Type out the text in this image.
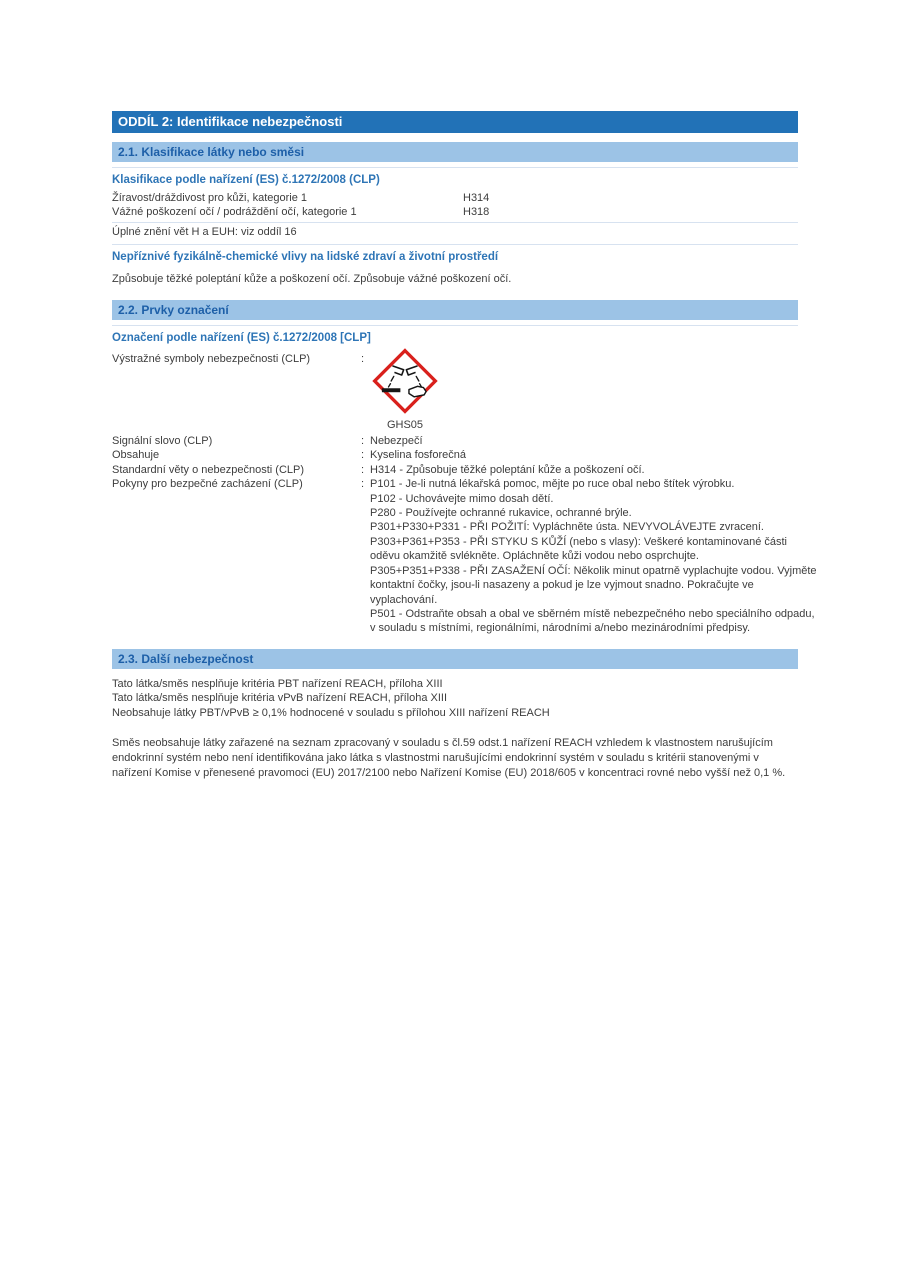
ODDÍL 2: Identifikace nebezpečnosti
2.1. Klasifikace látky nebo směsi
Klasifikace podle nařízení (ES) č.1272/2008 (CLP)
Žíravost/dráždivost pro kůži, kategorie 1	H314
Vážné poškození očí / podráždění očí, kategorie 1	H318
Úplné znění vět H a EUH: viz oddíl 16
Nepříznivé fyzikálně-chemické vlivy na lidské zdraví a životní prostředí
Způsobuje těžké poleptání kůže a poškození očí. Způsobuje vážné poškození očí.
2.2. Prvky označení
Označení podle nařízení (ES) č.1272/2008 [CLP]
Výstražné symboly nebezpečnosti (CLP)	:
GHS05
Signální slovo (CLP)	: Nebezpečí
Obsahuje	: Kyselina fosforečná
Standardní věty o nebezpečnosti (CLP)	: H314 - Způsobuje těžké poleptání kůže a poškození očí.
Pokyny pro bezpečné zacházení (CLP)	: P101 - Je-li nutná lékařská pomoc, mějte po ruce obal nebo štítek výrobku.
P102 - Uchovávejte mimo dosah dětí.
P280 - Používejte ochranné rukavice, ochranné brýle.
P301+P330+P331 - PŘI POŽITÍ: Vypláchněte ústa. NEVYVOLÁVEJTE zvracení.
P303+P361+P353 - PŘI STYKU S KŮŽÍ (nebo s vlasy): Veškeré kontaminované části
oděvu okamžitě svlékněte. Opláchněte kůži vodou nebo osprchujte.
P305+P351+P338 - PŘI ZASAŽENÍ OČÍ: Několik minut opatrně vyplachujte vodou. Vyjměte
kontaktní čočky, jsou-li nasazeny a pokud je lze vyjmout snadno. Pokračujte ve
vyplachování.
P501 - Odstraňte obsah a obal ve sběrném místě nebezpečného nebo speciálního odpadu,
v souladu s místními, regionálními, národními a/nebo mezinárodními předpisy.
2.3. Další nebezpečnost
Tato látka/směs nesplňuje kritéria PBT nařízení REACH, příloha XIII
Tato látka/směs nesplňuje kritéria vPvB nařízení REACH, příloha XIII
Neobsahuje látky PBT/vPvB ≥ 0,1% hodnocené v souladu s přílohou XIII nařízení REACH
Směs neobsahuje látky zařazené na seznam zpracovaný v souladu s čl.59 odst.1 nařízení REACH vzhledem k vlastnostem narušujícím endokrinní systém nebo není identifikována jako látka s vlastnostmi narušujícími endokrinní systém v souladu s kritérii stanovenými v nařízení Komise v přenesené pravomoci (EU) 2017/2100 nebo Nařízení Komise (EU) 2018/605 v koncentraci rovné nebo vyšší než 0,1 %.
